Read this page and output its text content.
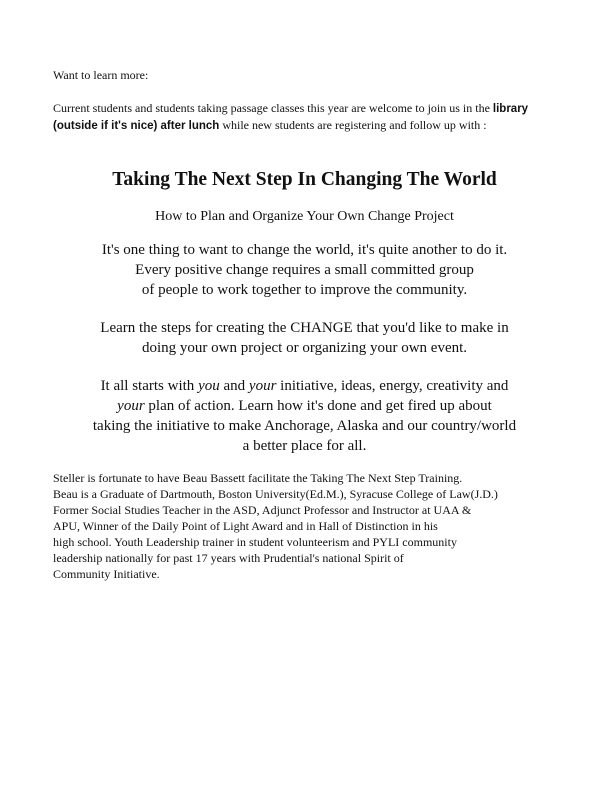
Want to learn more:
Current students and students taking passage classes this year are welcome to join us in the library (outside if it's nice) after lunch while new students are registering and follow up with :
Taking The Next Step In Changing The World
How to Plan and Organize Your Own Change Project
It's one thing to want to change the world, it's quite another to do it.
Every positive change requires a small committed group
of people to work together to improve the community.
Learn the steps for creating the CHANGE that you'd like to make in
doing your own project or organizing your own event.
It all starts with you and your initiative, ideas, energy, creativity and
your plan of action. Learn how it's done and get fired up about
taking the initiative to make Anchorage, Alaska and our country/world
a better place for all.
Steller is fortunate to have Beau Bassett facilitate the Taking The Next Step Training.
Beau is a Graduate of Dartmouth, Boston University(Ed.M.), Syracuse College of Law(J.D.)
Former Social Studies Teacher in the ASD, Adjunct Professor and Instructor at UAA &
APU, Winner of the Daily Point of Light Award and in Hall of Distinction in his
high school. Youth Leadership trainer in student volunteerism and PYLI community
leadership nationally for past 17 years with Prudential's national Spirit of
Community Initiative.
